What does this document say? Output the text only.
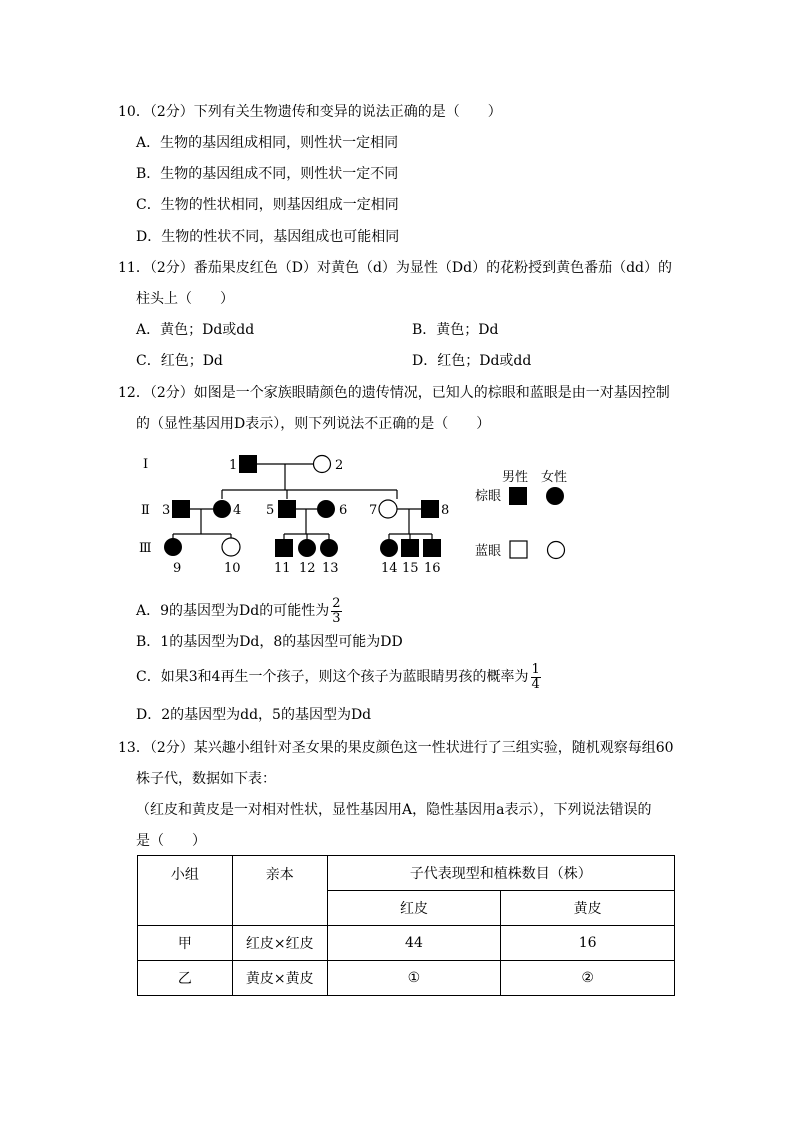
10．（2分）下列有关生物遗传和变异的说法正确的是（　　）
A．生物的基因组成相同，则性状一定相同
B．生物的基因组成不同，则性状一定不同
C．生物的性状相同，则基因组成一定相同
D．生物的性状不同，基因组成也可能相同
11．（2分）番茄果皮红色（D）对黄色（d）为显性（Dd）的花粉授到黄色番茄（dd）的
柱头上（　　）
A．黄色；Dd或dd	B．黄色；Dd
C．红色；Dd	D．红色；Dd或dd
12．（2分）如图是一个家族眼睛颜色的遗传情况，已知人的棕眼和蓝眼是由一对基因控制
的（显性基因用D表示），则下列说法不正确的是（　　）
Ⅰ
Ⅱ
Ⅲ
1	2
3	4 5	6 7	8
9	10	11 12 13	14 15 16
男性 女性
棕眼
蓝眼
A．9的基因型为Dd的可能性为 $\frac{2}{3}$
B．1的基因型为Dd，8的基因型可能为DD
C．如果3和4再生一个孩子，则这个孩子为蓝眼睛男孩的概率为 $\frac{1}{4}$
D．2的基因型为dd，5的基因型为Dd
13．（2分）某兴趣小组针对圣女果的果皮颜色这一性状进行了三组实验，随机观察每组60
株子代，数据如下表：
（红皮和黄皮是一对相对性状，显性基因用A，隐性基因用a表示），下列说法错误的
是（　　）
小组	亲本	子代表现型和植株数目（株）	
		红皮	黄皮
甲	红皮×红皮	44	16
乙	黄皮×黄皮	①	②
